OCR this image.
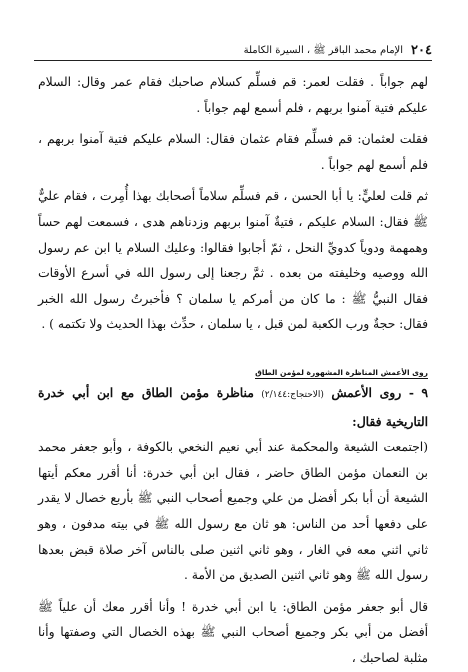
٢٠٤
الإمام محمد الباقر ﷺ ، السيرة الكاملة

لهم جواباً . فقلت لعمر: قم فسلِّم كسلام صاحبك فقام عمر وقال: السلام عليكم فتية آمنوا بربهم ، فلم أسمع لهم جواباً .

فقلت لعثمان: قم فسلِّم فقام عثمان فقال: السلام عليكم فتية آمنوا بربهم ، فلم أسمع لهم جواباً .

ثم قلت لعليٍّ: يا أبا الحسن ، قم فسلِّم سلاماً أصحابك بهذا أُمِرت ، فقام عليٌّ ﷺ فقال: السلام عليكم ، فتيةٌ آمنوا بربهم وزدناهم هدى ، فسمعت لهم حساً وهمهمة ودوياً كدويِّ النحل ، ثمّ أجابوا فقالوا: وعليك السلام يا ابن عم رسول الله ووصيه وخليفته من بعده . ثمَّ رجعنا إلى رسول الله في أسرع الأوقات فقال النبيُّ ﷺ : ما كان من أمركم يا سلمان ؟ فأخبرتُ رسول الله الخبر فقال: حجةٌ ورب الكعبة لمن قبل ، يا سلمان ، حدِّث بهذا الحديث ولا تكتمه ) .

روى الأعمش المناظرة المشهورة لمؤمن الطاق

٩ - روى الأعمش (الاحتجاج:٢/١٤٤) مناظرة مؤمن الطاق مع ابن أبي خدرة التاريخية فقال:

(اجتمعت الشيعة والمحكمة عند أبي نعيم النخعي بالكوفة ، وأبو جعفر محمد بن النعمان مؤمن الطاق حاضر ، فقال ابن أبي خدرة: أنا أقرر معكم أيتها الشيعة أن أبا بكر أفضل من علي وجميع أصحاب النبي ﷺ بأربع خصال لا يقدر على دفعها أحد من الناس: هو ثان مع رسول الله ﷺ في بيته مدفون ، وهو ثاني اثني معه في الغار ، وهو ثاني اثنين صلى بالناس آخر صلاة قبض بعدها رسول الله ﷺ وهو ثاني اثنين الصديق من الأمة .

قال أبو جعفر مؤمن الطاق: يا ابن أبي خدرة ! وأنا أقرر معك أن علياً ﷺ أفضل من أبي بكر وجميع أصحاب النبي ﷺ بهذه الخصال التي وصفتها وأنا مثلبة لصاحبك ،
